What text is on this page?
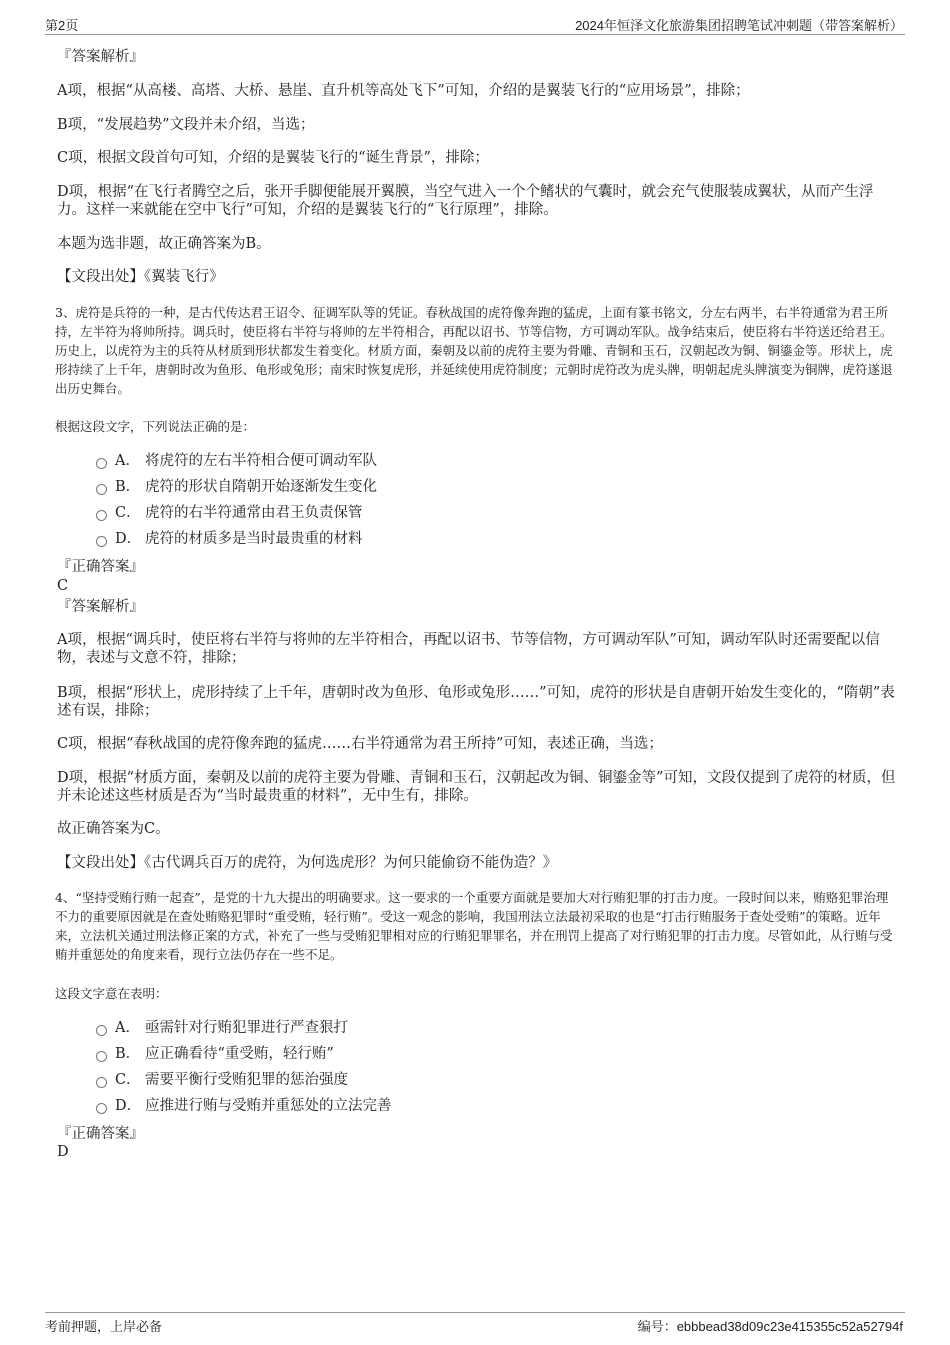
第2页	2024年恒泽文化旅游集团招聘笔试冲刺题（带答案解析）
『答案解析』
A项，根据“从高楼、高塔、大桥、悬崖、直升机等高处飞下”可知，介绍的是翼装飞行的“应用场景”，排除；
B项，“发展趋势”文段并未介绍，当选；
C项，根据文段首句可知，介绍的是翼装飞行的“诞生背景”，排除；
D项，根据“在飞行者腾空之后，张开手脚便能展开翼膜，当空气进入一个个鳍状的气囊时，就会充气使服装成翼状，从而产生浮力。这样一来就能在空中飞行”可知，介绍的是翼装飞行的“飞行原理”，排除。
本题为选非题，故正确答案为B。
【文段出处】《翼装飞行》
3、虎符是兵符的一种，是古代传达君王诏令、征调军队等的凭证。春秋战国的虎符像奔跑的猛虎，上面有篆书铭文，分左右两半，右半符通常为君王所持，左半符为将帅所持。调兵时，使臣将右半符与将帅的左半符相合，再配以诏书、节等信物，方可调动军队。战争结束后，使臣将右半符送还给君王。历史上，以虎符为主的兵符从材质到形状都发生着变化。材质方面，秦朝及以前的虎符主要为骨雕、青铜和玉石，汉朝起改为铜、铜鎏金等。形状上，虎形持续了上千年，唐朝时改为鱼形、龟形或兔形；南宋时恢复虎形，并延续使用虎符制度；元朝时虎符改为虎头牌，明朝起虎头牌演变为铜牌，虎符遂退出历史舞台。
根据这段文字，下列说法正确的是：
A． 将虎符的左右半符相合便可调动军队
B． 虎符的形状自隋朝开始逐渐发生变化
C． 虎符的右半符通常由君王负责保管
D． 虎符的材质多是当时最贵重的材料
『正确答案』
C
『答案解析』
A项，根据“调兵时，使臣将右半符与将帅的左半符相合，再配以诏书、节等信物，方可调动军队”可知，调动军队时还需要配以信物，表述与文意不符，排除；
B项，根据“形状上，虎形持续了上千年，唐朝时改为鱼形、龟形或兔形……”可知，虎符的形状是自唐朝开始发生变化的，“隋朝”表述有误，排除；
C项，根据“春秋战国的虎符像奔跑的猛虎……右半符通常为君王所持”可知，表述正确，当选；
D项，根据“材质方面，秦朝及以前的虎符主要为骨雕、青铜和玉石，汉朝起改为铜、铜鎏金等”可知，文段仅提到了虎符的材质，但并未论述这些材质是否为“当时最贵重的材料”，无中生有，排除。
故正确答案为C。
【文段出处】《古代调兵百万的虎符，为何选虎形？为何只能偷窃不能伪造？》
4、“坚持受贿行贿一起查”，是党的十九大提出的明确要求。这一要求的一个重要方面就是要加大对行贿犯罪的打击力度。一段时间以来，贿赂犯罪治理不力的重要原因就是在查处贿赂犯罪时“重受贿，轻行贿”。受这一观念的影响，我国刑法立法最初采取的也是“打击行贿服务于查处受贿”的策略。近年来，立法机关通过刑法修正案的方式，补充了一些与受贿犯罪相对应的行贿犯罪罪名，并在刑罚上提高了对行贿犯罪的打击力度。尽管如此，从行贿与受贿并重惩处的角度来看，现行立法仍存在一些不足。
这段文字意在表明：
A． 亟需针对行贿犯罪进行严查狠打
B． 应正确看待“重受贿，轻行贿”
C． 需要平衡行受贿犯罪的惩治强度
D． 应推进行贿与受贿并重惩处的立法完善
『正确答案』
D
考前押题，上岸必备	编号：ebbbead38d09c23e415355c52a52794f
